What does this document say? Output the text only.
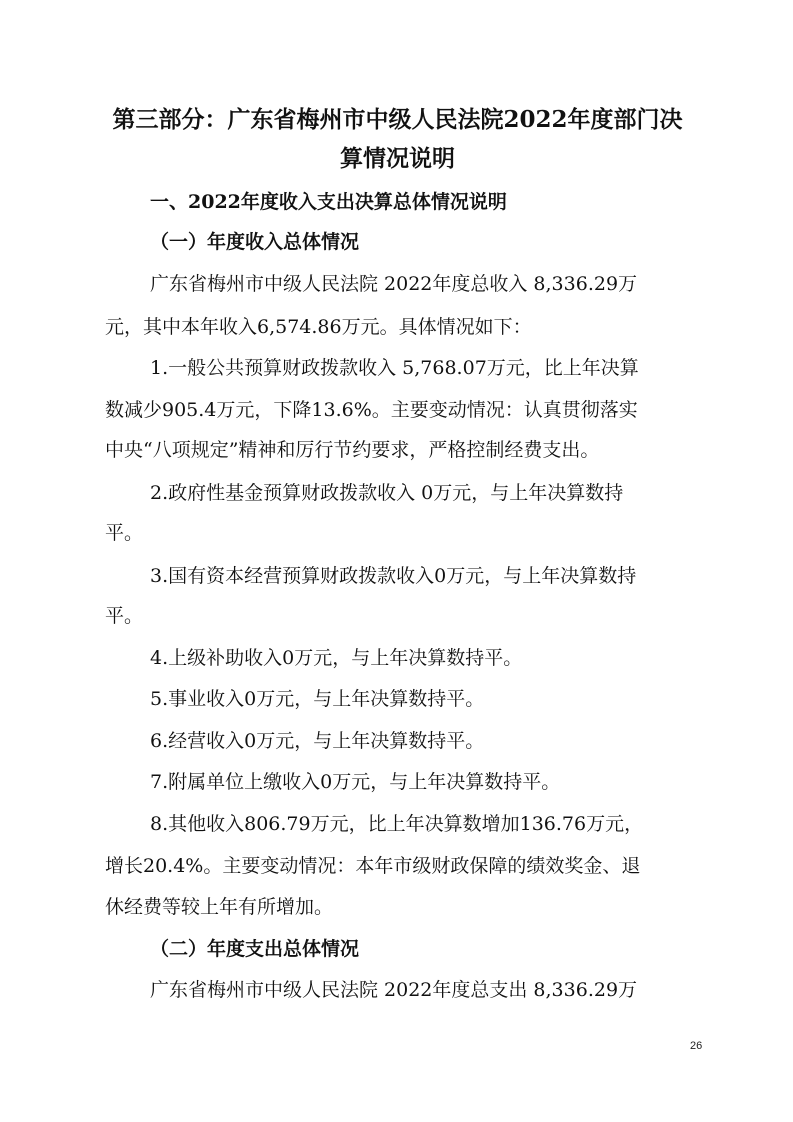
第三部分：广东省梅州市中级人民法院2022年度部门决
算情况说明
一、2022年度收入支出决算总体情况说明
（一）年度收入总体情况
广东省梅州市中级人民法院 2022年度总收入 8,336.29万
元，其中本年收入6,574.86万元。具体情况如下：
1.一般公共预算财政拨款收入 5,768.07万元，比上年决算
数减少905.4万元，下降13.6%。主要变动情况：认真贯彻落实
中央“八项规定”精神和厉行节约要求，严格控制经费支出。
2.政府性基金预算财政拨款收入 0万元，与上年决算数持
平。
3.国有资本经营预算财政拨款收入0万元，与上年决算数持
平。
4.上级补助收入0万元，与上年决算数持平。
5.事业收入0万元，与上年决算数持平。
6.经营收入0万元，与上年决算数持平。
7.附属单位上缴收入0万元，与上年决算数持平。
8.其他收入806.79万元，比上年决算数增加136.76万元，
增长20.4%。主要变动情况：本年市级财政保障的绩效奖金、退
休经费等较上年有所增加。
（二）年度支出总体情况
广东省梅州市中级人民法院 2022年度总支出 8,336.29万
26
